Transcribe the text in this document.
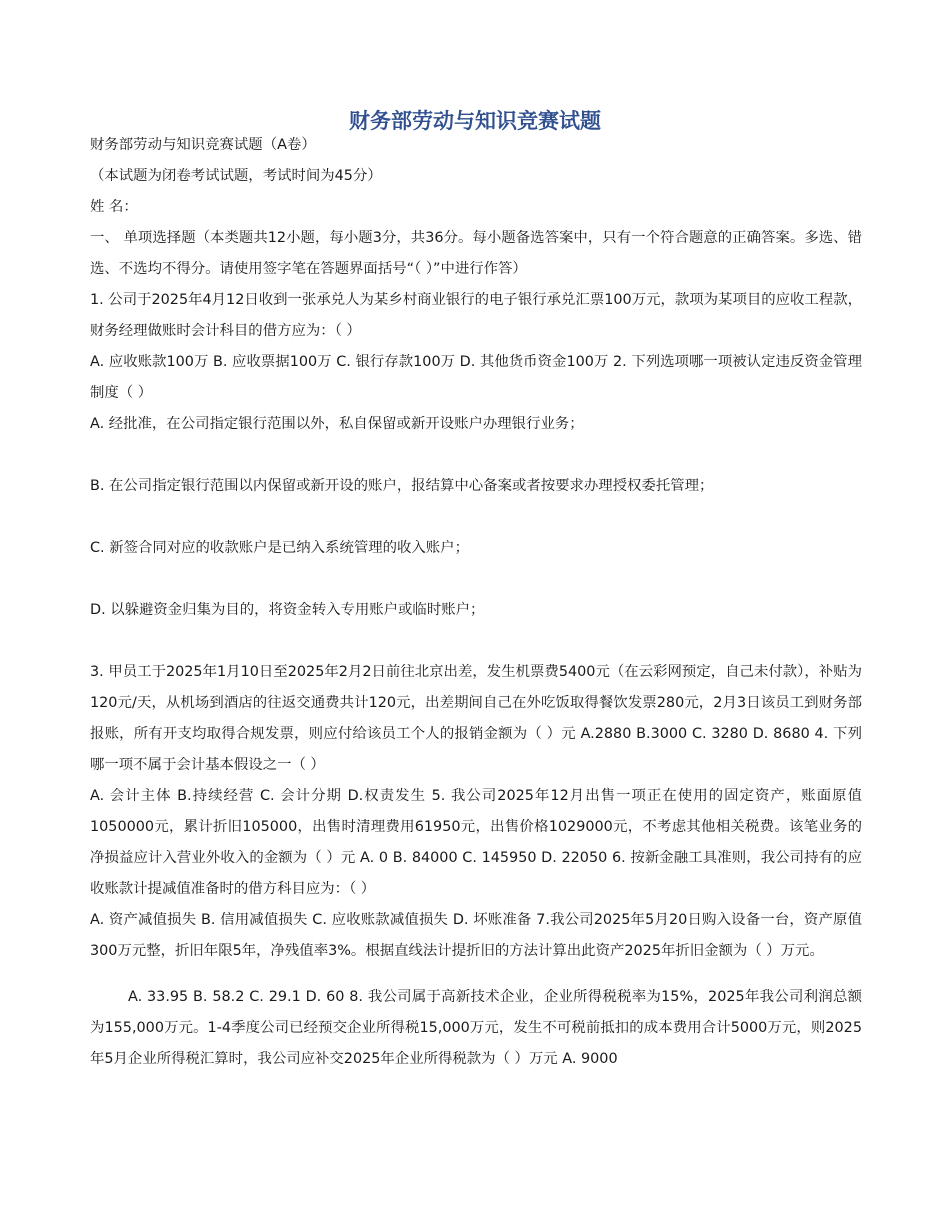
财务部劳动与知识竞赛试题

财务部劳动与知识竞赛试题（A卷）

（本试题为闭卷考试试题，考试时间为45分）

姓 名：

一、 单项选择题（本类题共12小题，每小题3分，共36分。每小题备选答案中，只有一个符合题意的正确答案。多选、错选、不选均不得分。请使用签字笔在答题界面括号“（ ）”中进行作答）

1. 公司于2025年4月12日收到一张承兑人为某乡村商业银行的电子银行承兑汇票100万元，款项为某项目的应收工程款，财务经理做账时会计科目的借方应为：（ ）

A. 应收账款100万 B. 应收票据100万 C. 银行存款100万 D. 其他货币资金100万 2. 下列选项哪一项被认定违反资金管理制度（ ）

A. 经批准，在公司指定银行范围以外，私自保留或新开设账户办理银行业务；

B. 在公司指定银行范围以内保留或新开设的账户，报结算中心备案或者按要求办理授权委托管理；

C. 新签合同对应的收款账户是已纳入系统管理的收入账户；

D. 以躲避资金归集为目的，将资金转入专用账户或临时账户；

3. 甲员工于2025年1月10日至2025年2月2日前往北京出差，发生机票费5400元（在云彩网预定，自己未付款），补贴为120元/天，从机场到酒店的往返交通费共计120元，出差期间自己在外吃饭取得餐饮发票280元，2月3日该员工到财务部报账，所有开支均取得合规发票，则应付给该员工个人的报销金额为（ ）元 A.2880 B.3000 C. 3280 D. 8680 4. 下列哪一项不属于会计基本假设之一（ ）

A. 会计主体 B.持续经营 C. 会计分期 D.权责发生 5. 我公司2025年12月出售一项正在使用的固定资产，账面原值1050000元，累计折旧105000，出售时清理费用61950元，出售价格1029000元，不考虑其他相关税费。该笔业务的净损益应计入营业外收入的金额为（ ）元 A. 0 B. 84000 C. 145950 D. 22050 6. 按新金融工具准则，我公司持有的应收账款计提减值准备时的借方科目应为：（ ）

A. 资产减值损失 B. 信用减值损失 C. 应收账款减值损失 D. 坏账准备 7.我公司2025年5月20日购入设备一台，资产原值300万元整，折旧年限5年，净残值率3%。根据直线法计提折旧的方法计算出此资产2025年折旧金额为（ ）万元。

A. 33.95 B. 58.2 C. 29.1 D. 60 8. 我公司属于高新技术企业，企业所得税税率为15%，2025年我公司利润总额为155,000万元。1-4季度公司已经预交企业所得税15,000万元，发生不可税前抵扣的成本费用合计5000万元，则2025年5月企业所得税汇算时，我公司应补交2025年企业所得税款为（ ）万元 A. 9000
